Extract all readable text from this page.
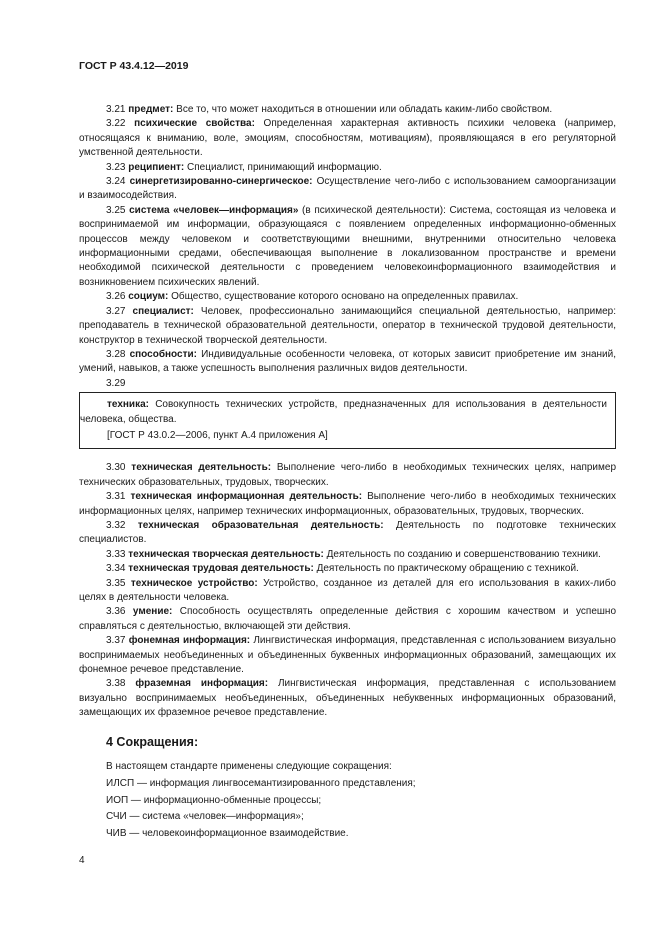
ГОСТ Р 43.4.12—2019
3.21 предмет: Все то, что может находиться в отношении или обладать каким-либо свойством.
3.22 психические свойства: Определенная характерная активность психики человека (например, относящаяся к вниманию, воле, эмоциям, способностям, мотивациям), проявляющаяся в его регуляторной умственной деятельности.
3.23 реципиент: Специалист, принимающий информацию.
3.24 синергетизированно-синергическое: Осуществление чего-либо с использованием самоорганизации и взаимосодействия.
3.25 система «человек—информация» (в психической деятельности): Система, состоящая из человека и воспринимаемой им информации, образующаяся с появлением определенных информационно-обменных процессов между человеком и соответствующими внешними, внутренними относительно человека информационными средами, обеспечивающая выполнение в локализованном пространстве и времени необходимой психической деятельности с проведением человекоинформационного взаимодействия и возникновением психических явлений.
3.26 социум: Общество, существование которого основано на определенных правилах.
3.27 специалист: Человек, профессионально занимающийся специальной деятельностью, например: преподаватель в технической образовательной деятельности, оператор в технической трудовой деятельности, конструктор в технической творческой деятельности.
3.28 способности: Индивидуальные особенности человека, от которых зависит приобретение им знаний, умений, навыков, а также успешность выполнения различных видов деятельности.
3.29
техника: Совокупность технических устройств, предназначенных для использования в деятельности человека, общества.
[ГОСТ Р 43.0.2—2006, пункт А.4 приложения А]
3.30 техническая деятельность: Выполнение чего-либо в необходимых технических целях, например технических образовательных, трудовых, творческих.
3.31 техническая информационная деятельность: Выполнение чего-либо в необходимых технических информационных целях, например технических информационных, образовательных, трудовых, творческих.
3.32 техническая образовательная деятельность: Деятельность по подготовке технических специалистов.
3.33 техническая творческая деятельность: Деятельность по созданию и совершенствованию техники.
3.34 техническая трудовая деятельность: Деятельность по практическому обращению с техникой.
3.35 техническое устройство: Устройство, созданное из деталей для его использования в каких-либо целях в деятельности человека.
3.36 умение: Способность осуществлять определенные действия с хорошим качеством и успешно справляться с деятельностью, включающей эти действия.
3.37 фонемная информация: Лингвистическая информация, представленная с использованием визуально воспринимаемых необъединенных и объединенных буквенных информационных образований, замещающих их фонемное речевое представление.
3.38 фраземная информация: Лингвистическая информация, представленная с использованием визуально воспринимаемых необъединенных, объединенных небуквенных информационных образований, замещающих их фраземное речевое представление.
4 Сокращения:
В настоящем стандарте применены следующие сокращения:
ИЛСП — информация лингвосемантизированного представления;
ИОП — информационно-обменные процессы;
СЧИ — система «человек—информация»;
ЧИВ — человекоинформационное взаимодействие.
4
